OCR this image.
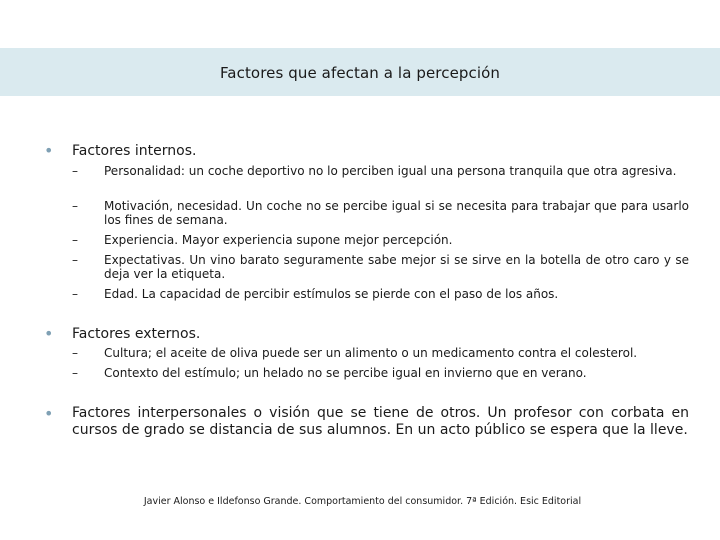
Factores que afectan a la percepción
• Factores internos.
– Personalidad: un coche deportivo no lo perciben igual una persona tranquila que otra agresiva.
– Motivación, necesidad. Un coche no se percibe igual si se necesita para trabajar que para usarlo los fines de semana.
– Experiencia. Mayor experiencia supone mejor percepción.
– Expectativas. Un vino barato seguramente sabe mejor si se sirve en la botella de otro caro y se deja ver la etiqueta.
– Edad. La capacidad de percibir estímulos se pierde con el paso de los años.
• Factores externos.
– Cultura; el aceite de oliva puede ser un alimento o un medicamento contra el colesterol.
– Contexto del estímulo; un helado no se percibe igual en invierno que en verano.
• Factores interpersonales o visión que se tiene de otros. Un profesor con corbata en cursos de grado se distancia de sus alumnos. En un acto público se espera que la lleve.
Javier Alonso e Ildefonso Grande. Comportamiento del consumidor. 7ª Edición. Esic Editorial
